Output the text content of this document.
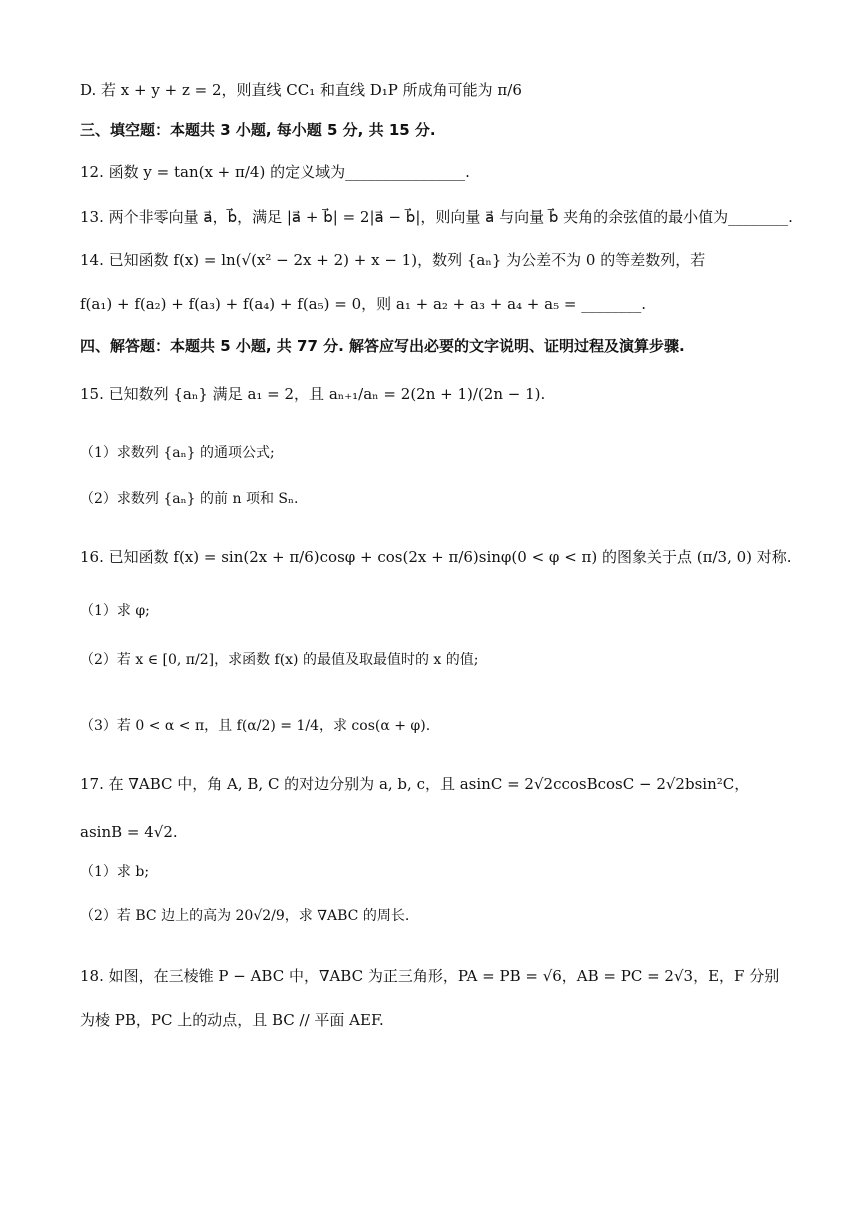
D. 若 x + y + z = 2，则直线 CC₁ 和直线 D₁P 所成角可能为 π/6
三、填空题：本题共 3 小题, 每小题 5 分, 共 15 分.
12. 函数 y = tan(x + π/4) 的定义域为________________.
13. 两个非零向量 a⃗，b⃗，满足 |a⃗ + b⃗| = 2|a⃗ − b⃗|，则向量 a⃗ 与向量 b⃗ 夹角的余弦值的最小值为________.
14. 已知函数 f(x) = ln(√(x² − 2x + 2) + x − 1)，数列 {aₙ} 为公差不为 0 的等差数列，若
f(a₁) + f(a₂) + f(a₃) + f(a₄) + f(a₅) = 0，则 a₁ + a₂ + a₃ + a₄ + a₅ = ________.
四、解答题：本题共 5 小题, 共 77 分. 解答应写出必要的文字说明、证明过程及演算步骤.
15. 已知数列 {aₙ} 满足 a₁ = 2，且 aₙ₊₁/aₙ = 2(2n + 1)/(2n − 1).
（1）求数列 {aₙ} 的通项公式;
（2）求数列 {aₙ} 的前 n 项和 Sₙ.
16. 已知函数 f(x) = sin(2x + π/6)cosφ + cos(2x + π/6)sinφ(0 < φ < π) 的图象关于点 (π/3, 0) 对称.
（1）求 φ;
（2）若 x ∈ [0, π/2]，求函数 f(x) 的最值及取最值时的 x 的值;
（3）若 0 < α < π，且 f(α/2) = 1/4，求 cos(α + φ).
17. 在 ∇ABC 中，角 A, B, C 的对边分别为 a, b, c，且 asinC = 2√2ccosBcosC − 2√2bsin²C，
asinB = 4√2.
（1）求 b;
（2）若 BC 边上的高为 20√2/9，求 ∇ABC 的周长.
18. 如图，在三棱锥 P − ABC 中，∇ABC 为正三角形，PA = PB = √6，AB = PC = 2√3，E，F 分别
为棱 PB，PC 上的动点，且 BC // 平面 AEF.
